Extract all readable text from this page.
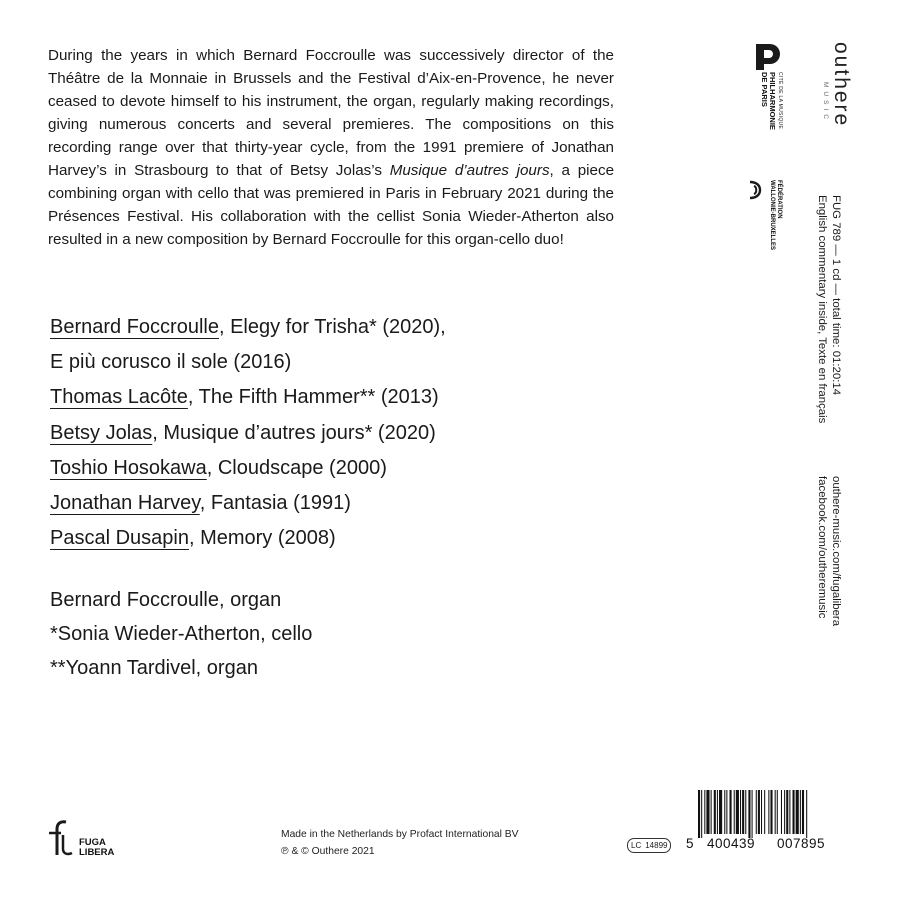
During the years in which Bernard Foccroulle was successively director of the Théâtre de la Monnaie in Brussels and the Festival d’Aix-en-Provence, he never ceased to devote himself to his instrument, the organ, regularly making recordings, giving numerous concerts and several premieres. The compositions on this recording range over that thirty-year cycle, from the 1991 premiere of Jonathan Harvey’s in Strasbourg to that of Betsy Jolas’s Musique d’autres jours, a piece combining organ with cello that was premiered in Paris in February 2021 during the Présences Festival. His collaboration with the cellist Sonia Wieder-Atherton also resulted in a new composition by Bernard Foccroulle for this organ-cello duo!

Bernard Foccroulle, Elegy for Trisha* (2020),
E più corusco il sole (2016)
Thomas Lacôte, The Fifth Hammer** (2013)
Betsy Jolas, Musique d’autres jours* (2020)
Toshio Hosokawa, Cloudscape (2000)
Jonathan Harvey, Fantasia (1991)
Pascal Dusapin, Memory (2008)
Bernard Foccroulle, organ
*Sonia Wieder-Atherton, cello
**Yoann Tardivel, organ
outhere
MUSIC
CITÉ DE LA MUSIQUE
PHILHARMONIE
DE PARIS
FÉDÉRATION
WALLONIE-BRUXELLES	FUG 789 — 1 cd — total time: 01:20:14
English commentary inside, Texte en français
outhere-music.com/fugalibera
facebook.com/outheremusic
FUGA
LIBERA
Made in the Netherlands by Profact International BV
℗ & © Outhere 2021
LC 14899 5 400439 007895
